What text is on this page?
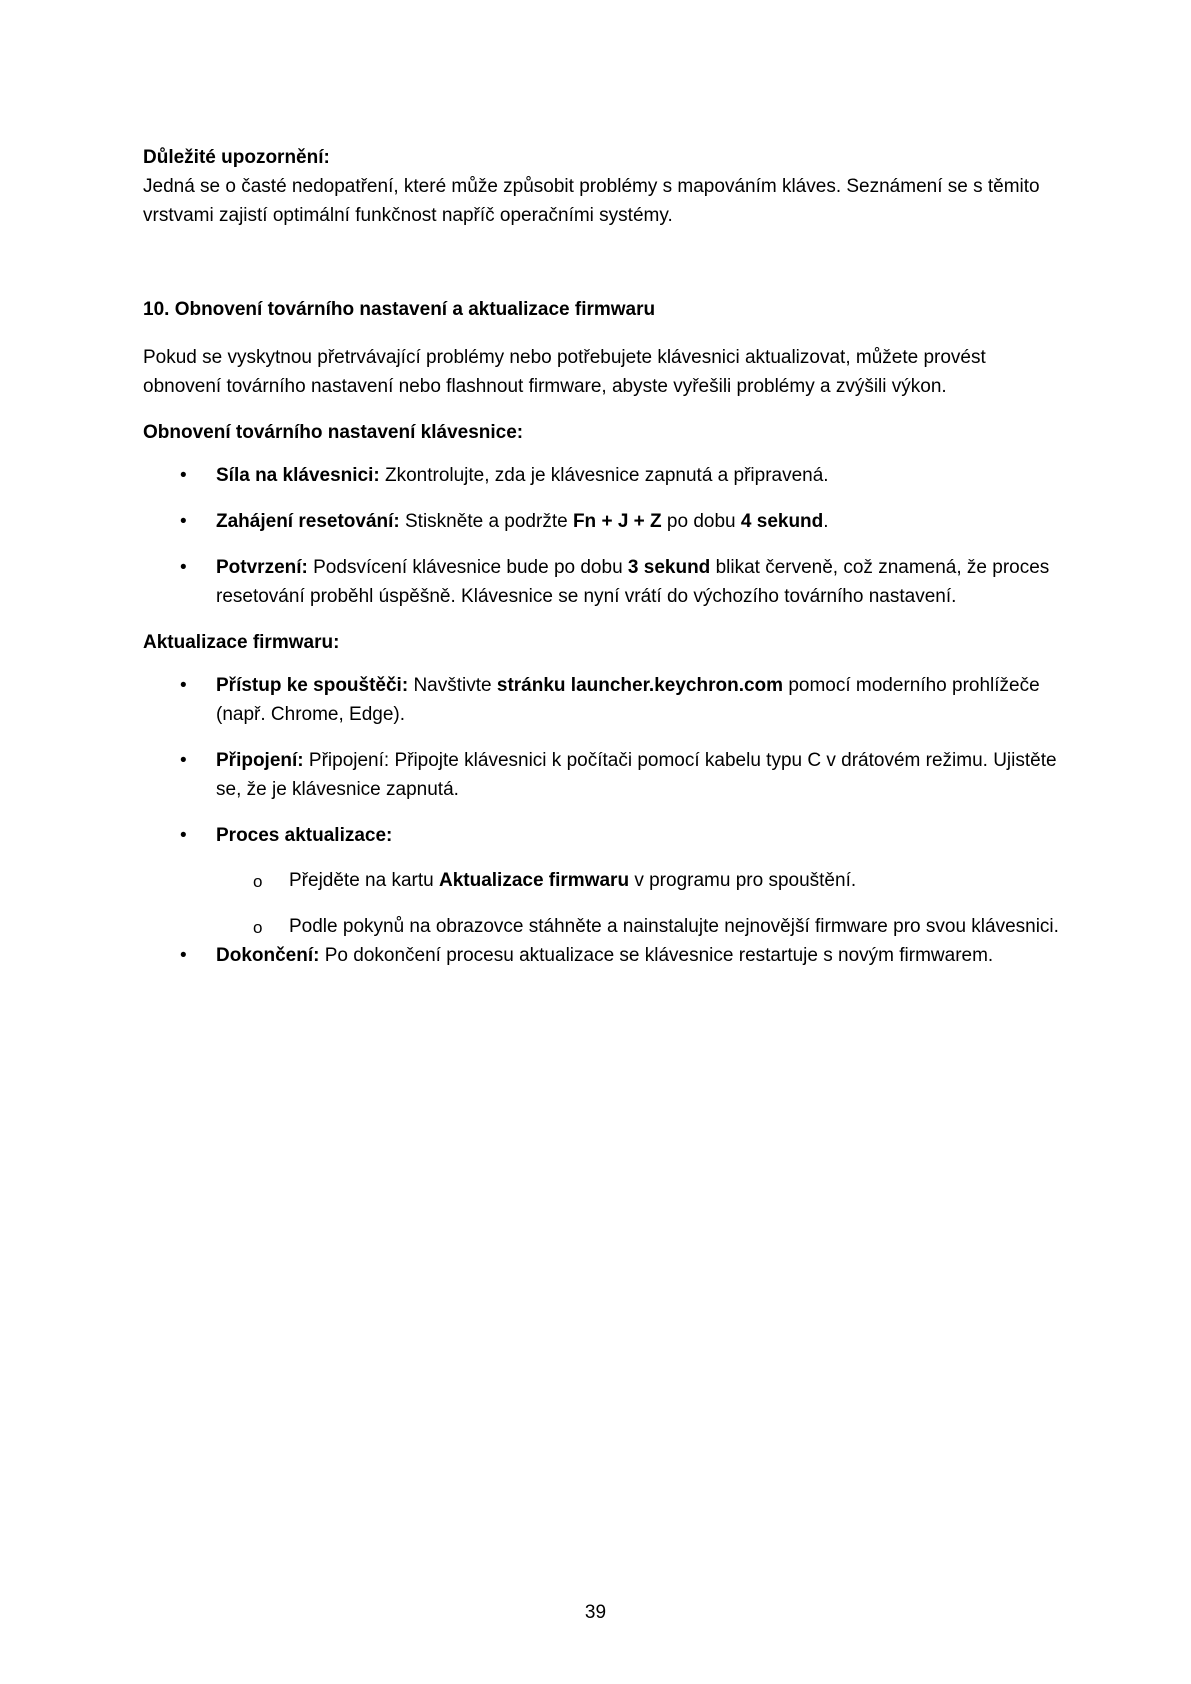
Důležité upozornění:

Jedná se o časté nedopatření, které může způsobit problémy s mapováním kláves. Seznámení se s těmito vrstvami zajistí optimální funkčnost napříč operačními systémy.

10. Obnovení továrního nastavení a aktualizace firmwaru

Pokud se vyskytnou přetrvávající problémy nebo potřebujete klávesnici aktualizovat, můžete provést obnovení továrního nastavení nebo flashnout firmware, abyste vyřešili problémy a zvýšili výkon.

Obnovení továrního nastavení klávesnice:

• Síla na klávesnici: Zkontrolujte, zda je klávesnice zapnutá a připravená.
• Zahájení resetování: Stiskněte a podržte Fn + J + Z po dobu 4 sekund.
• Potvrzení: Podsvícení klávesnice bude po dobu 3 sekund blikat červeně, což znamená, že proces resetování proběhl úspěšně. Klávesnice se nyní vrátí do výchozího továrního nastavení.

Aktualizace firmwaru:

• Přístup ke spouštěči: Navštivte stránku launcher.keychron.com pomocí moderního prohlížeče (např. Chrome, Edge).
• Připojení: Připojení: Připojte klávesnici k počítači pomocí kabelu typu C v drátovém režimu. Ujistěte se, že je klávesnice zapnutá.
• Proces aktualizace:
o Přejděte na kartu Aktualizace firmwaru v programu pro spouštění.
o Podle pokynů na obrazovce stáhněte a nainstalujte nejnovější firmware pro svou klávesnici.
• Dokončení: Po dokončení procesu aktualizace se klávesnice restartuje s novým firmwarem.
39
